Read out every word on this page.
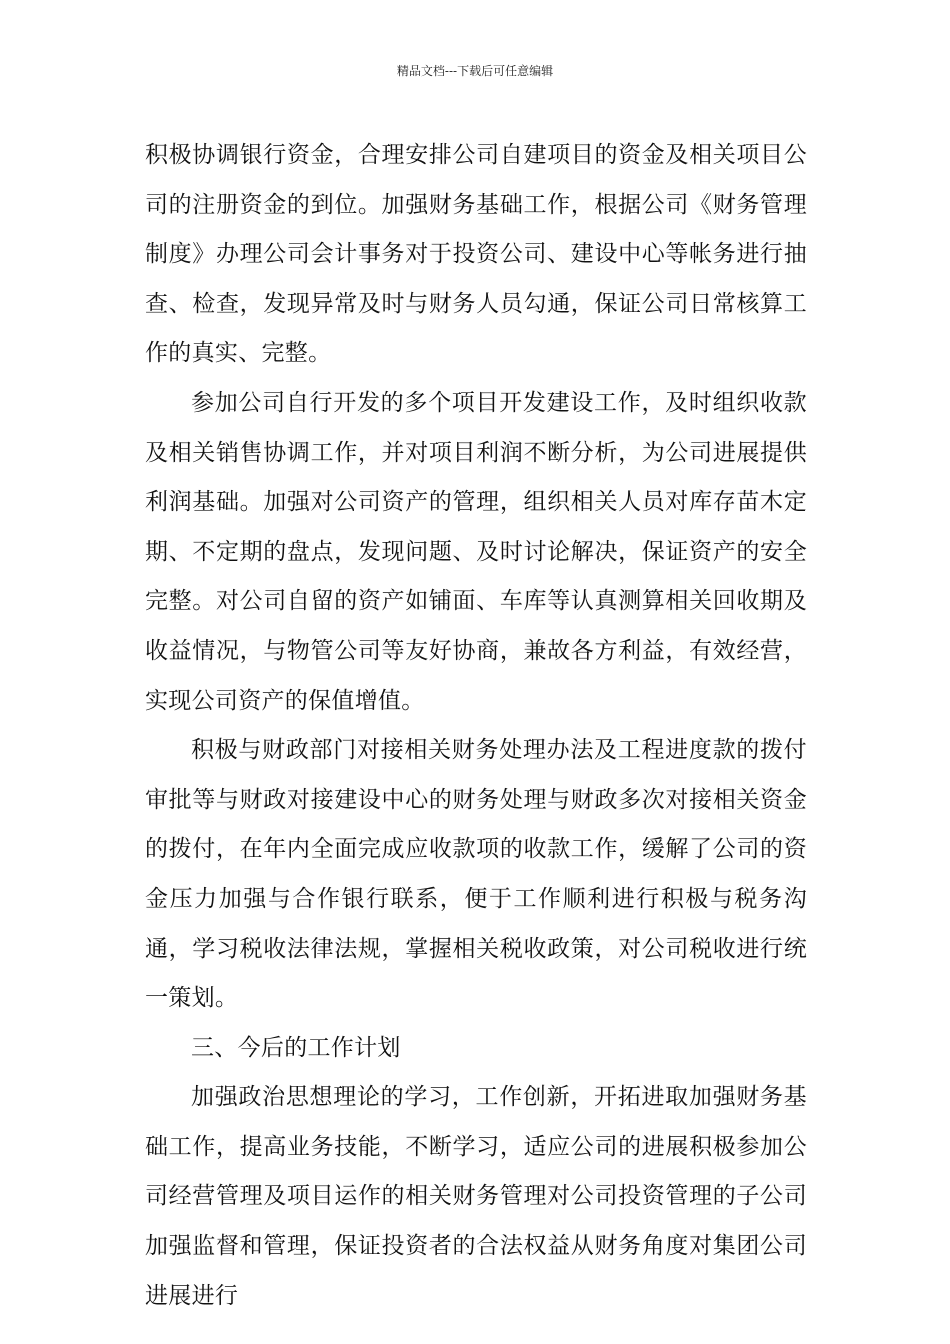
精品文档---下载后可任意编辑

积极协调银行资金，合理安排公司自建项目的资金及相关项目公司的注册资金的到位。加强财务基础工作，根据公司《财务管理制度》办理公司会计事务对于投资公司、建设中心等帐务进行抽查、检查，发现异常及时与财务人员勾通，保证公司日常核算工作的真实、完整。

参加公司自行开发的多个项目开发建设工作，及时组织收款及相关销售协调工作，并对项目利润不断分析，为公司进展提供利润基础。加强对公司资产的管理，组织相关人员对库存苗木定期、不定期的盘点，发现问题、及时讨论解决，保证资产的安全完整。对公司自留的资产如铺面、车库等认真测算相关回收期及收益情况，与物管公司等友好协商，兼故各方利益，有效经营，实现公司资产的保值增值。

积极与财政部门对接相关财务处理办法及工程进度款的拨付审批等与财政对接建设中心的财务处理与财政多次对接相关资金的拨付，在年内全面完成应收款项的收款工作，缓解了公司的资金压力加强与合作银行联系，便于工作顺利进行积极与税务沟通，学习税收法律法规，掌握相关税收政策，对公司税收进行统一策划。

三、今后的工作计划

加强政治思想理论的学习，工作创新，开拓进取加强财务基础工作，提高业务技能，不断学习，适应公司的进展积极参加公司经营管理及项目运作的相关财务管理对公司投资管理的子公司加强监督和管理，保证投资者的合法权益从财务角度对集团公司进展进行
